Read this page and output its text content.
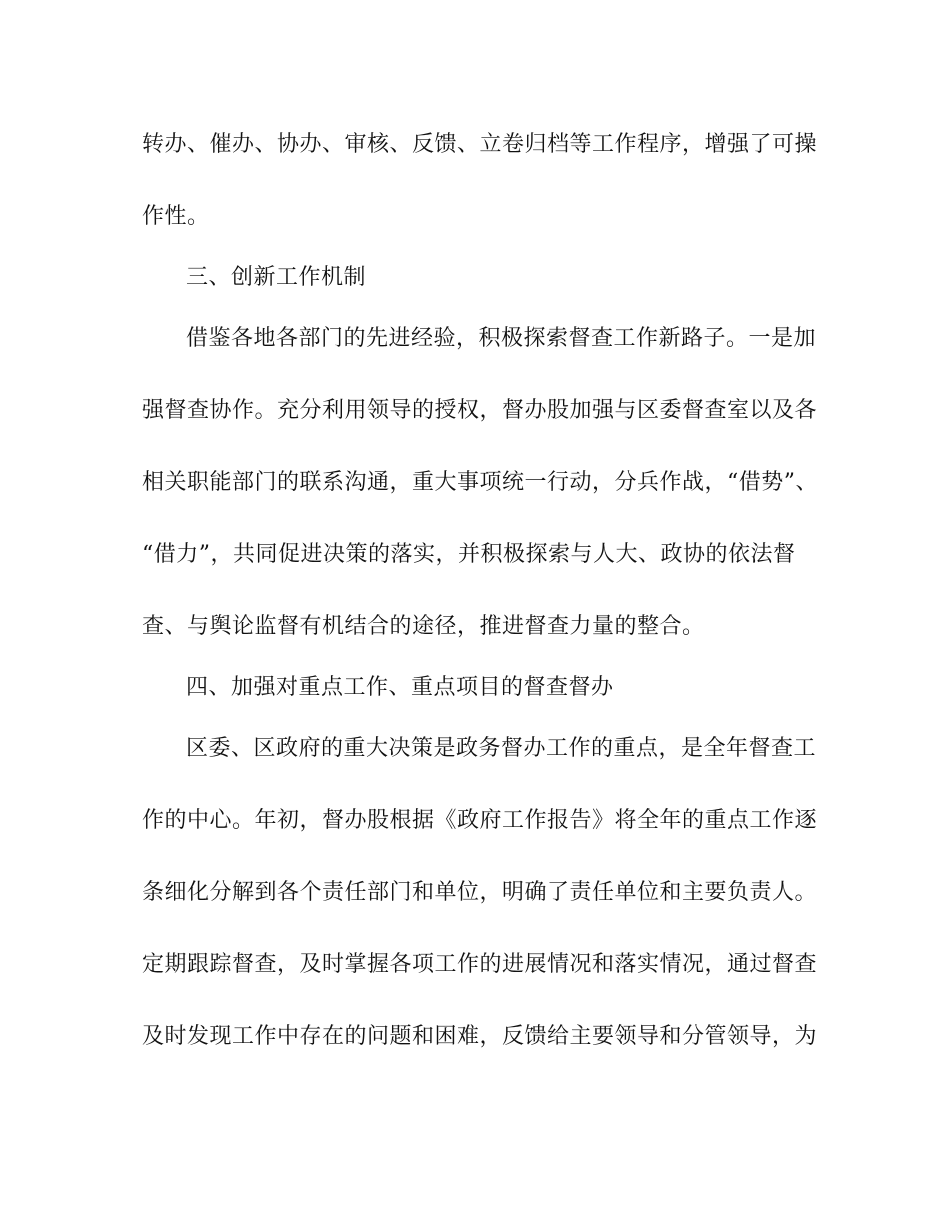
转办、催办、协办、审核、反馈、立卷归档等工作程序，增强了可操
作性。
三、创新工作机制
借鉴各地各部门的先进经验，积极探索督查工作新路子。一是加
强督查协作。充分利用领导的授权，督办股加强与区委督查室以及各
相关职能部门的联系沟通，重大事项统一行动，分兵作战，“借势”、
“借力”，共同促进决策的落实，并积极探索与人大、政协的依法督
查、与舆论监督有机结合的途径，推进督查力量的整合。
四、加强对重点工作、重点项目的督查督办
区委、区政府的重大决策是政务督办工作的重点，是全年督查工
作的中心。年初，督办股根据《政府工作报告》将全年的重点工作逐
条细化分解到各个责任部门和单位，明确了责任单位和主要负责人。
定期跟踪督查，及时掌握各项工作的进展情况和落实情况，通过督查
及时发现工作中存在的问题和困难，反馈给主要领导和分管领导，为
